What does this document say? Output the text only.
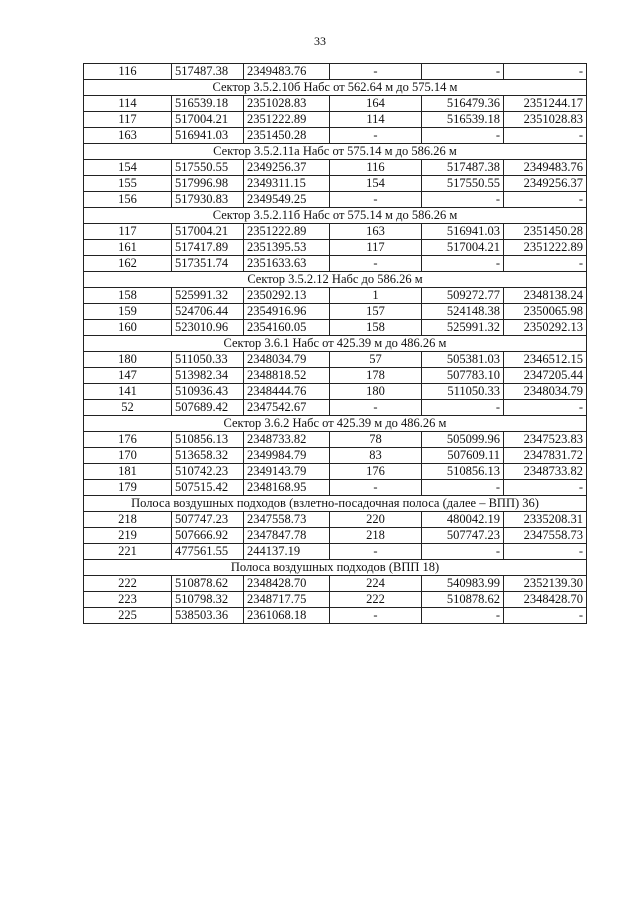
33
116	517487.38	2349483.76	-	-	-
Сектор 3.5.2.10б Набс от 562.64 м до 575.14 м					
114	516539.18	2351028.83	164	516479.36	2351244.17
117	517004.21	2351222.89	114	516539.18	2351028.83
163	516941.03	2351450.28	-	-	-
Сектор 3.5.2.11а Набс от 575.14 м до 586.26 м					
154	517550.55	2349256.37	116	517487.38	2349483.76
155	517996.98	2349311.15	154	517550.55	2349256.37
156	517930.83	2349549.25	-	-	-
Сектор 3.5.2.11б Набс от 575.14 м до 586.26 м					
117	517004.21	2351222.89	163	516941.03	2351450.28
161	517417.89	2351395.53	117	517004.21	2351222.89
162	517351.74	2351633.63	-	-	-
Сектор 3.5.2.12 Набс до 586.26 м					
158	525991.32	2350292.13	1	509272.77	2348138.24
159	524706.44	2354916.96	157	524148.38	2350065.98
160	523010.96	2354160.05	158	525991.32	2350292.13
Сектор 3.6.1 Набс от 425.39 м до 486.26 м					
180	511050.33	2348034.79	57	505381.03	2346512.15
147	513982.34	2348818.52	178	507783.10	2347205.44
141	510936.43	2348444.76	180	511050.33	2348034.79
52	507689.42	2347542.67	-	-	-
Сектор 3.6.2 Набс от 425.39 м до 486.26 м					
176	510856.13	2348733.82	78	505099.96	2347523.83
170	513658.32	2349984.79	83	507609.11	2347831.72
181	510742.23	2349143.79	176	510856.13	2348733.82
179	507515.42	2348168.95	-	-	-
Полоса воздушных подходов (взлетно-посадочная полоса (далее – ВПП) 36)					
218	507747.23	2347558.73	220	480042.19	2335208.31
219	507666.92	2347847.78	218	507747.23	2347558.73
221	477561.55	244137.19	-	-	-
Полоса воздушных подходов (ВПП 18)					
222	510878.62	2348428.70	224	540983.99	2352139.30
223	510798.32	2348717.75	222	510878.62	2348428.70
225	538503.36	2361068.18	-	-	-
